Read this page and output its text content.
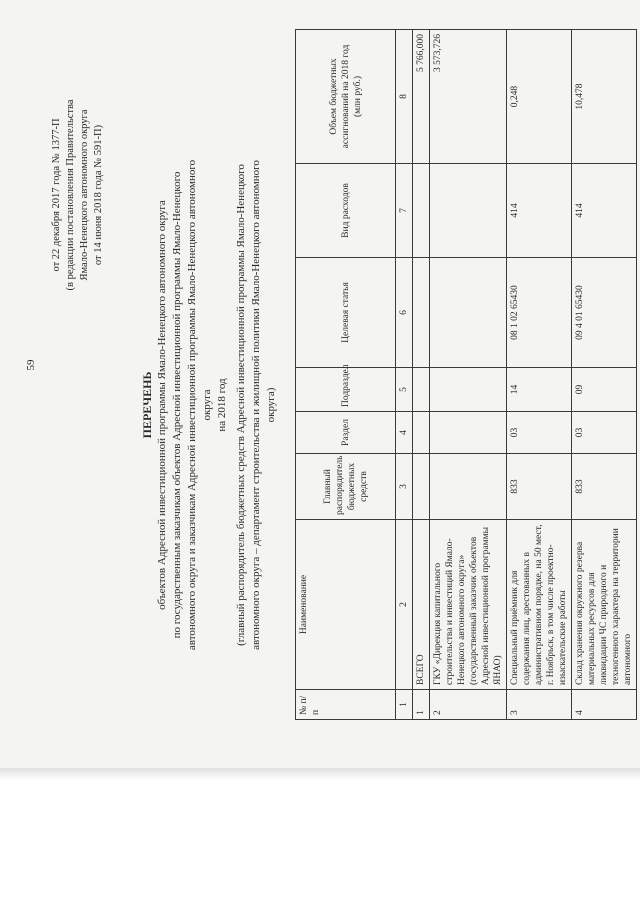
59
от 22 декабря 2017 года № 1377-П (в редакции постановления Правительства Ямало-Ненецкого автономного округа от 14 июня 2018 года № 591-П)
ПЕРЕЧЕНЬ объектов Адресной инвестиционной программы Ямало-Ненецкого автономного округа по государственным заказчикам объектов Адресной инвестиционной программы Ямало-Ненецкого автономного округа и заказчикам Адресной инвестиционной программы Ямало-Ненецкого автономного округа на 2018 год (главный распорядитель бюджетных средств Адресной инвестиционной программы Ямало-Ненецкого автономного округа – департамент строительства и жилищной политики Ямало-Ненецкого автономного округа)
№ п/п	Наименование	Главный распорядитель бюджетных средств	Раздел	Подраздел	Целевая статья	Вид расходов	Объем бюджетных ассигнований на 2018 год (млн руб.)
1	2	3	4	5	6	7	8
1	ВСЕГО						5 766,000
2	ГКУ «Дирекция капитального строительства и инвестиций Ямало-Ненецкого автономного округа» (государственный заказчик объектов Адресной инвестиционной программы ЯНАО)						3 573,726
3	Специальный приёмник для содержания лиц, арестованных в административном порядке, на 50 мест, г. Ноябрьск, в том числе проектно-изыскательские работы	833	03	14	08 1 02 65430	414	0,248
4	Склад хранения окружного резерва материальных ресурсов для ликвидации ЧС природного и техногенного характера на территории автономного	833	03	09	09 4 01 65430	414	10,478
